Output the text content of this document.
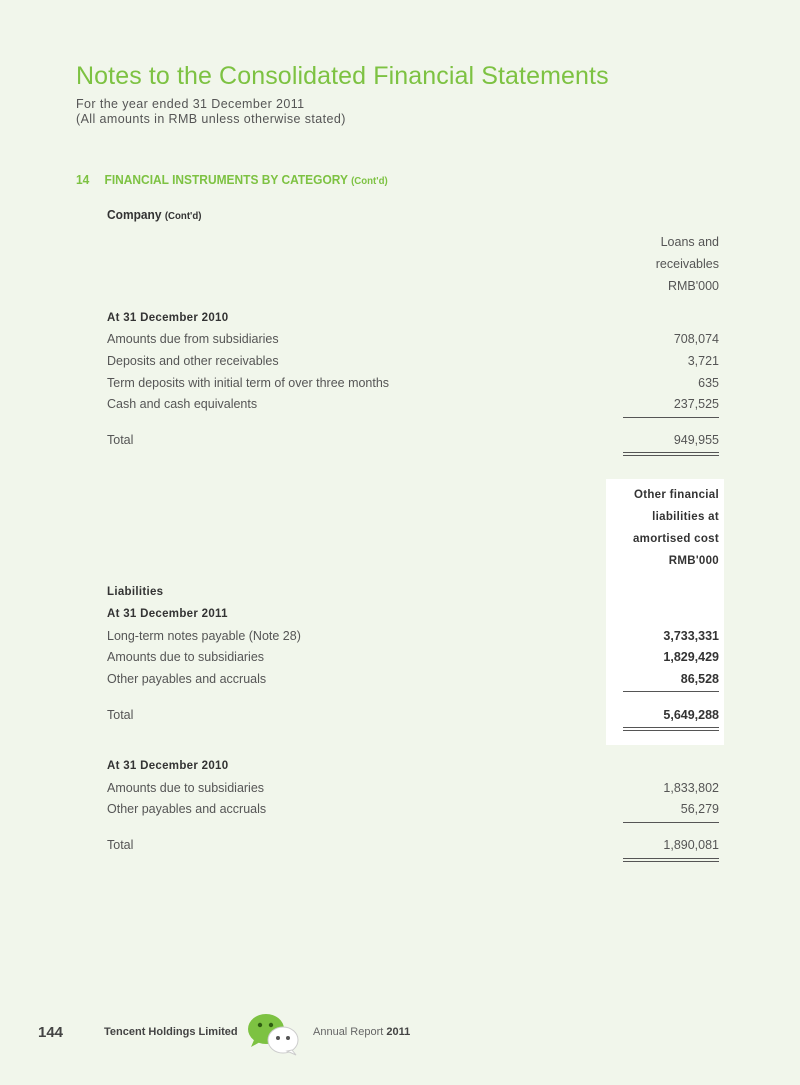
Notes to the Consolidated Financial Statements
For the year ended 31 December 2011
(All amounts in RMB unless otherwise stated)
14 FINANCIAL INSTRUMENTS BY CATEGORY (Cont'd)
Company (Cont'd)
Loans and
receivables
RMB'000
At 31 December 2010
Amounts due from subsidiaries	708,074
Deposits and other receivables	3,721
Term deposits with initial term of over three months	635
Cash and cash equivalents	237,525
Total	949,955
Other financial
liabilities at
amortised cost
RMB'000
Liabilities
At 31 December 2011
Long-term notes payable (Note 28)	3,733,331
Amounts due to subsidiaries	1,829,429
Other payables and accruals	86,528
Total	5,649,288
At 31 December 2010
Amounts due to subsidiaries	1,833,802
Other payables and accruals	56,279
Total	1,890,081
144	Tencent Holdings Limited	Annual Report 2011
